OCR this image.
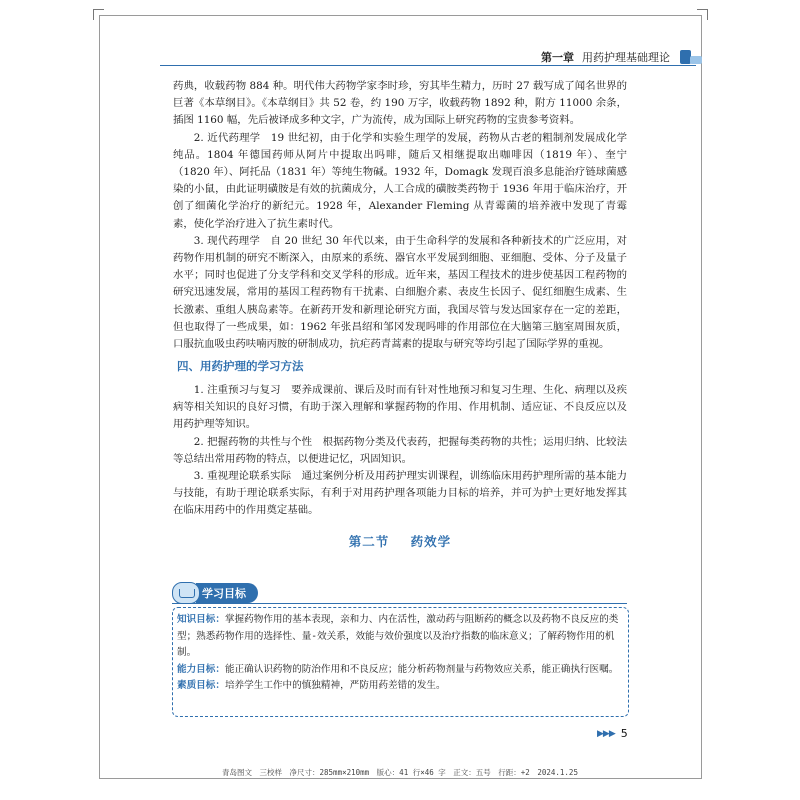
第一章 用药护理基础理论

药典，收载药物 884 种。明代伟大药物学家李时珍，穷其毕生精力，历时 27 载写成了闻名世界的巨著《本草纲目》。《本草纲目》共 52 卷，约 190 万字，收载药物 1892 种，附方 11000 余条，插图 1160 幅，先后被译成多种文字，广为流传，成为国际上研究药物的宝贵参考资料。

2. 近代药理学　19 世纪初，由于化学和实验生理学的发展，药物从古老的粗制剂发展成化学纯品。1804 年德国药师从阿片中提取出吗啡，随后又相继提取出咖啡因（1819 年）、奎宁（1820 年）、阿托品（1831 年）等纯生物碱。1932 年，Domagk 发现百浪多息能治疗链球菌感染的小鼠，由此证明磺胺是有效的抗菌成分，人工合成的磺胺类药物于 1936 年用于临床治疗，开创了细菌化学治疗的新纪元。1928 年，Alexander Fleming 从青霉菌的培养液中发现了青霉素，使化学治疗进入了抗生素时代。

3. 现代药理学　自 20 世纪 30 年代以来，由于生命科学的发展和各种新技术的广泛应用，对药物作用机制的研究不断深入，由原来的系统、器官水平发展到细胞、亚细胞、受体、分子及量子水平；同时也促进了分支学科和交叉学科的形成。近年来，基因工程技术的进步使基因工程药物的研究迅速发展，常用的基因工程药物有干扰素、白细胞介素、表皮生长因子、促红细胞生成素、生长激素、重组人胰岛素等。在新药开发和新理论研究方面，我国尽管与发达国家存在一定的差距，但也取得了一些成果，如：1962 年张昌绍和邹冈发现吗啡的作用部位在大脑第三脑室周围灰质，口服抗血吸虫药呋喃丙胺的研制成功，抗疟药青蒿素的提取与研究等均引起了国际学界的重视。

四、用药护理的学习方法

1. 注重预习与复习　要养成课前、课后及时而有针对性地预习和复习生理、生化、病理以及疾病等相关知识的良好习惯，有助于深入理解和掌握药物的作用、作用机制、适应证、不良反应以及用药护理等知识。

2. 把握药物的共性与个性　根据药物分类及代表药，把握每类药物的共性；运用归纳、比较法等总结出常用药物的特点，以便进记忆，巩固知识。

3. 重视理论联系实际　通过案例分析及用药护理实训课程，训练临床用药护理所需的基本能力与技能，有助于理论联系实际，有利于对用药护理各项能力目标的培养，并可为护士更好地发挥其在临床用药中的作用奠定基础。

第二节 药效学
学习目标

知识目标：掌握药物作用的基本表现，亲和力、内在活性，激动药与阻断药的概念以及药物不良反应的类型；熟悉药物作用的选择性、量-效关系，效能与效价强度以及治疗指数的临床意义；了解药物作用的机制。

能力目标：能正确认识药物的防治作用和不良反应；能分析药物剂量与药物效应关系，能正确执行医嘱。

素质目标：培养学生工作中的慎独精神，严防用药差错的发生。

▶▶▶ 5
青岛图文　三校样　净尺寸：285mm×210mm　版心：41 行×46 字　正文：五号　行距：+2　2024.1.25
